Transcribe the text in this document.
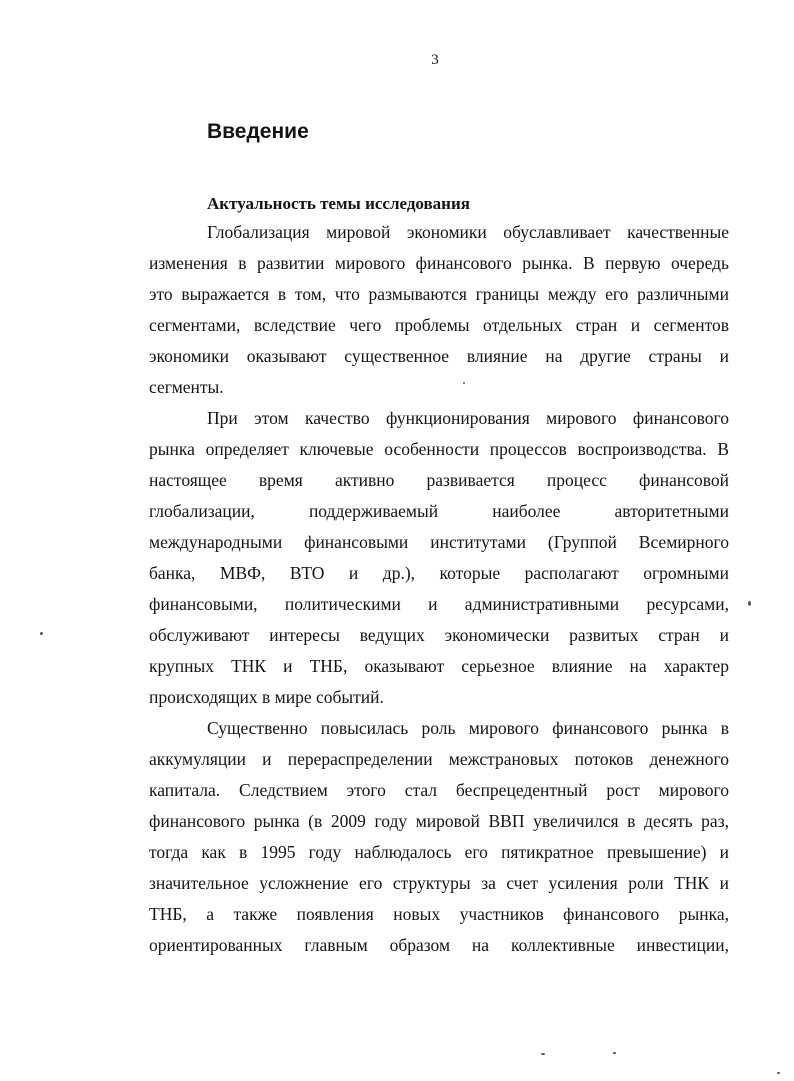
3
Введение
Актуальность темы исследования
Глобализация мировой экономики обуславливает качественные
изменения в развитии мирового финансового рынка. В первую очередь
это выражается в том, что размываются границы между его различными
сегментами, вследствие чего проблемы отдельных стран и сегментов
экономики оказывают существенное влияние на другие страны и
сегменты.
При этом качество функционирования мирового финансового
рынка определяет ключевые особенности процессов воспроизводства. В
настоящее время активно развивается процесс финансовой
глобализации, поддерживаемый наиболее авторитетными
международными финансовыми институтами (Группой Всемирного
банка, МВФ, ВТО и др.), которые располагают огромными
финансовыми, политическими и административными ресурсами,
обслуживают интересы ведущих экономически развитых стран и
крупных ТНК и ТНБ, оказывают серьезное влияние на характер
происходящих в мире событий.
Существенно повысилась роль мирового финансового рынка в
аккумуляции и перераспределении межстрановых потоков денежного
капитала. Следствием этого стал беспрецедентный рост мирового
финансового рынка (в 2009 году мировой ВВП увеличился в десять раз,
тогда как в 1995 году наблюдалось его пятикратное превышение) и
значительное усложнение его структуры за счет усиления роли ТНК и
ТНБ, а также появления новых участников финансового рынка,
ориентированных главным образом на коллективные инвестиции,
